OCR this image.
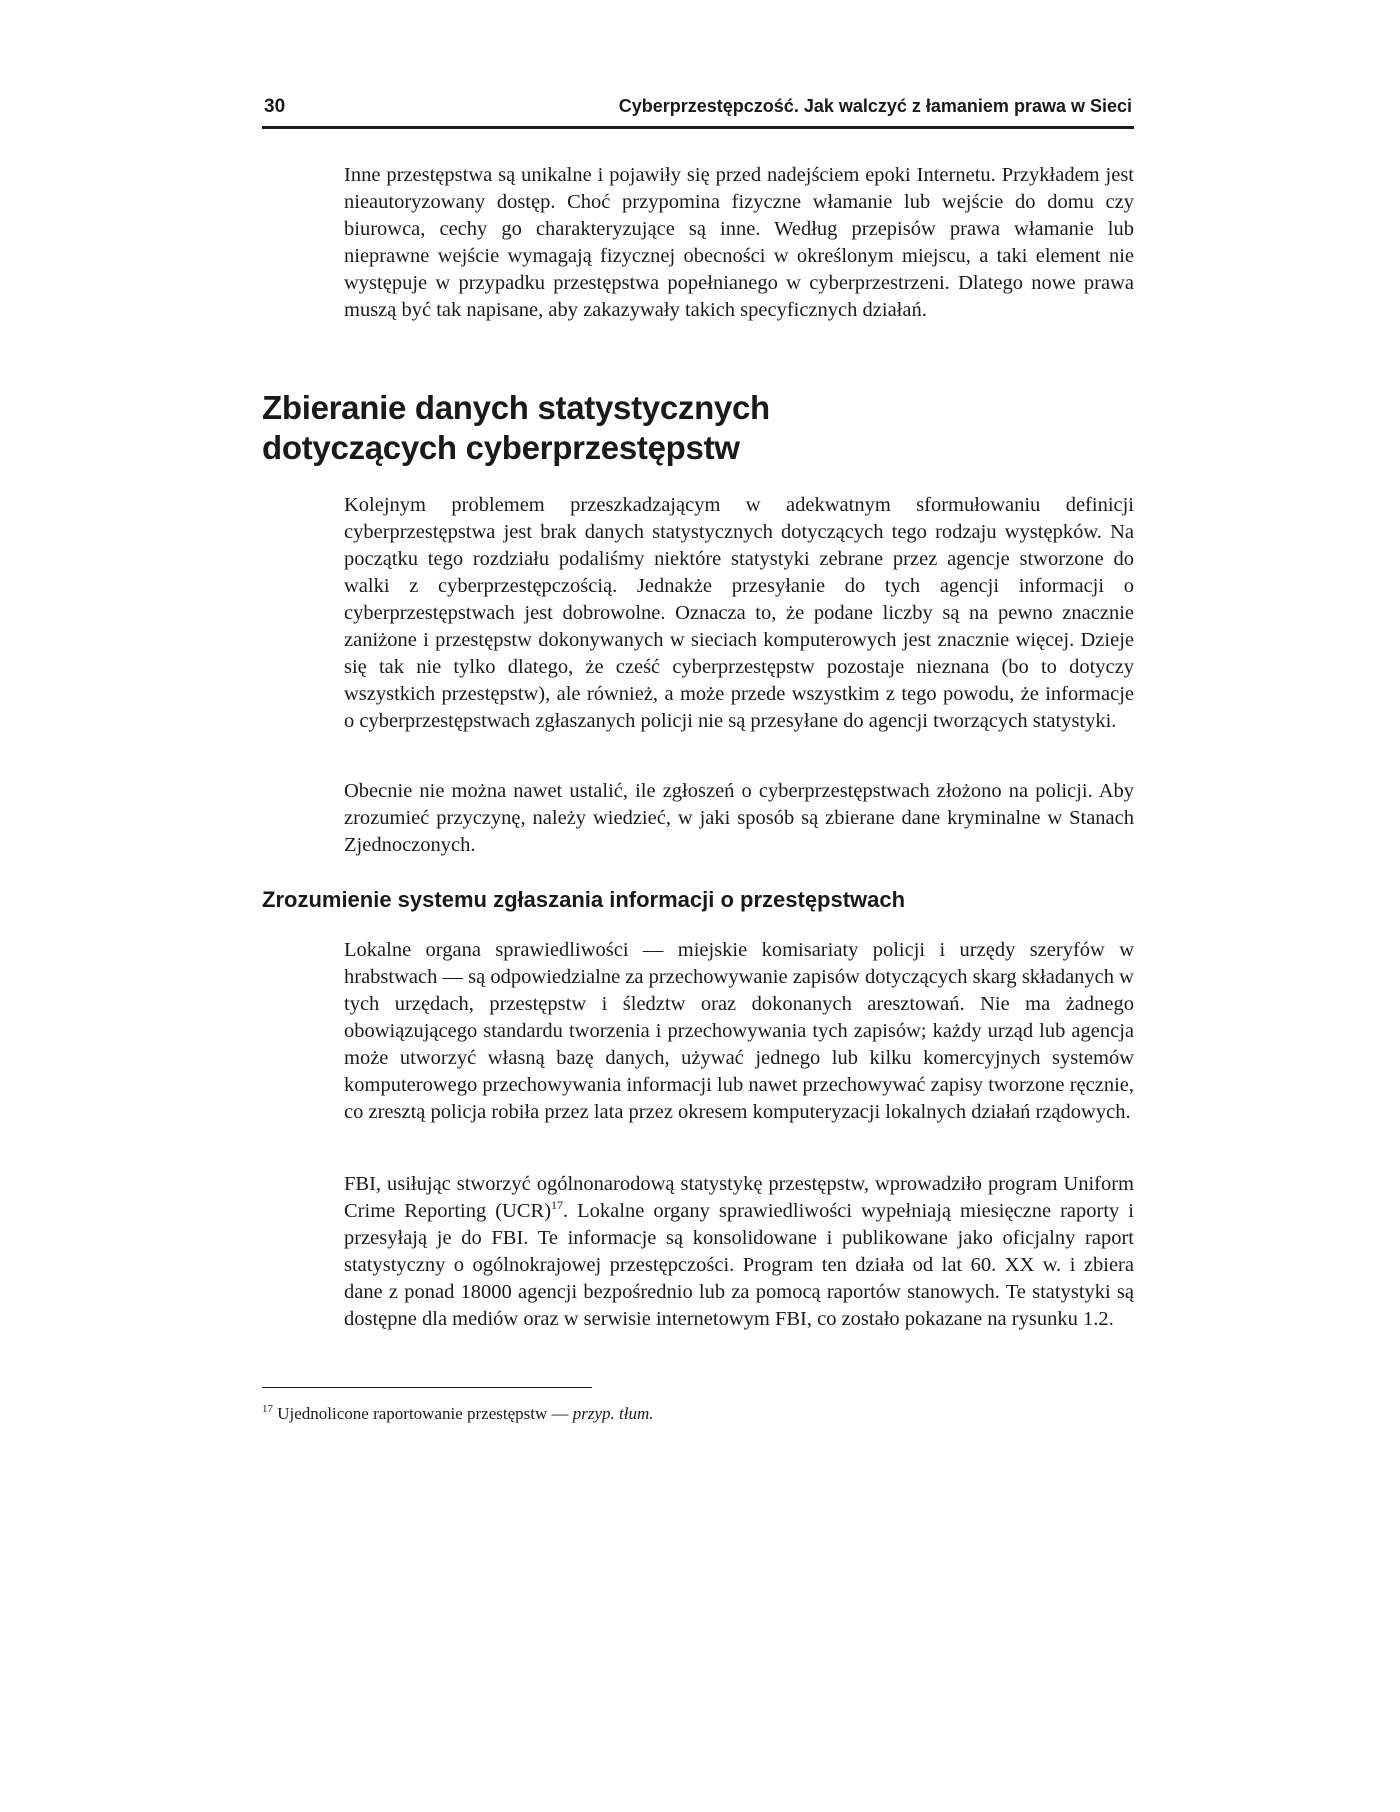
30	Cyberprzestępczość. Jak walczyć z łamaniem prawa w Sieci

Inne przestępstwa są unikalne i pojawiły się przed nadejściem epoki Internetu. Przykładem jest nieautoryzowany dostęp. Choć przypomina fizyczne włamanie lub wejście do domu czy biurowca, cechy go charakteryzujące są inne. Według przepisów prawa włamanie lub nieprawne wejście wymagają fizycznej obecności w określonym miejscu, a taki element nie występuje w przypadku przestępstwa popełnianego w cyberprzestrzeni. Dlatego nowe prawa muszą być tak napisane, aby zakazywały takich specyficznych działań.

Zbieranie danych statystycznych
dotyczących cyberprzestępstw

Kolejnym problemem przeszkadzającym w adekwatnym sformułowaniu definicji cyberprzestępstwa jest brak danych statystycznych dotyczących tego rodzaju występków. Na początku tego rozdziału podaliśmy niektóre statystyki zebrane przez agencje stworzone do walki z cyberprzestępczością. Jednakże przesyłanie do tych agencji informacji o cyberprzestępstwach jest dobrowolne. Oznacza to, że podane liczby są na pewno znacznie zaniżone i przestępstw dokonywanych w sieciach komputerowych jest znacznie więcej. Dzieje się tak nie tylko dlatego, że cześć cyberprzestępstw pozostaje nieznana (bo to dotyczy wszystkich przestępstw), ale również, a może przede wszystkim z tego powodu, że informacje o cyberprzestępstwach zgłaszanych policji nie są przesyłane do agencji tworzących statystyki.

Obecnie nie można nawet ustalić, ile zgłoszeń o cyberprzestępstwach złożono na policji. Aby zrozumieć przyczynę, należy wiedzieć, w jaki sposób są zbierane dane kryminalne w Stanach Zjednoczonych.

Zrozumienie systemu zgłaszania informacji o przestępstwach

Lokalne organa sprawiedliwości — miejskie komisariaty policji i urzędy szeryfów w hrabstwach — są odpowiedzialne za przechowywanie zapisów dotyczących skarg składanych w tych urzędach, przestępstw i śledztw oraz dokonanych aresztowań. Nie ma żadnego obowiązującego standardu tworzenia i przechowywania tych zapisów; każdy urząd lub agencja może utworzyć własną bazę danych, używać jednego lub kilku komercyjnych systemów komputerowego przechowywania informacji lub nawet przechowywać zapisy tworzone ręcznie, co zresztą policja robiła przez lata przez okresem komputeryzacji lokalnych działań rządowych.

FBI, usiłując stworzyć ogólnonarodową statystykę przestępstw, wprowadziło program Uniform Crime Reporting (UCR)$^{17}$. Lokalne organy sprawiedliwości wypełniają miesięczne raporty i przesyłają je do FBI. Te informacje są konsolidowane i publikowane jako oficjalny raport statystyczny o ogólnokrajowej przestępczości. Program ten działa od lat 60. XX w. i zbiera dane z ponad 18000 agencji bezpośrednio lub za pomocą raportów stanowych. Te statystyki są dostępne dla mediów oraz w serwisie internetowym FBI, co zostało pokazane na rysunku 1.2.

$^{17}$ Ujednolicone raportowanie przestępstw — przyp. tłum.
